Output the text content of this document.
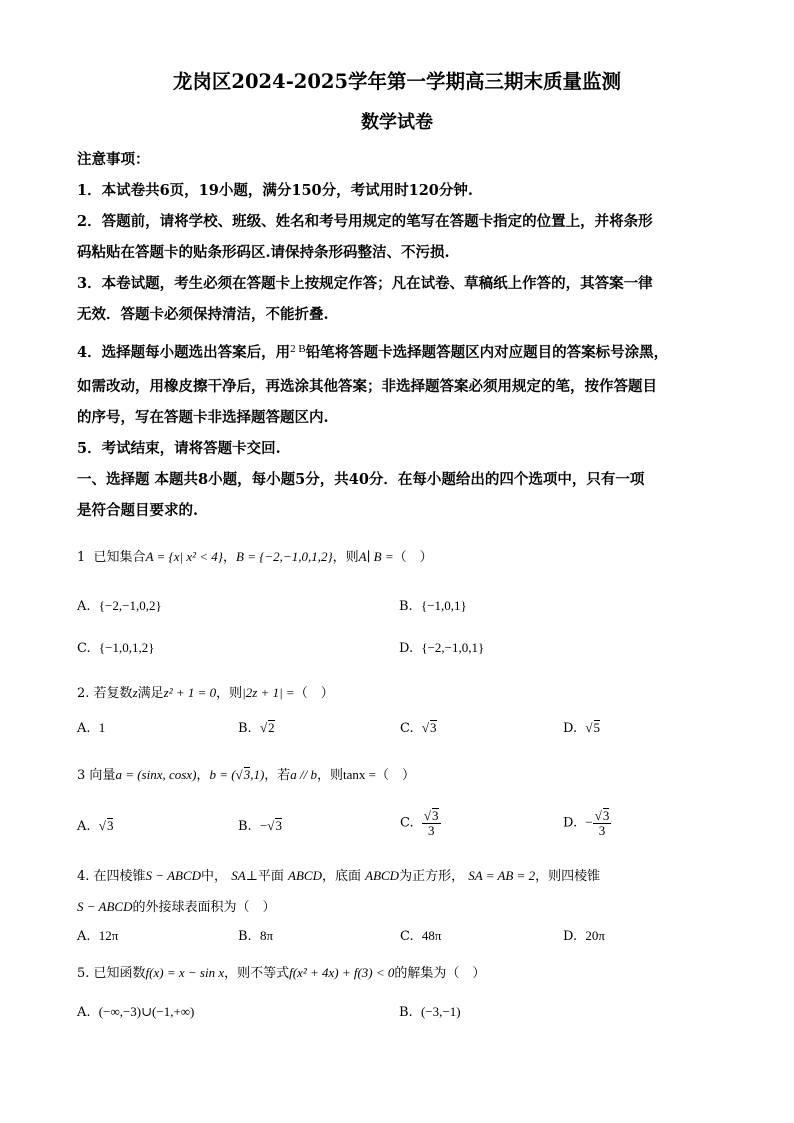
龙岗区2024-2025学年第一学期高三期末质量监测
数学试卷
注意事项：
1．本试卷共6页，19小题，满分150分，考试用时120分钟.
2．答题前，请将学校、班级、姓名和考号用规定的笔写在答题卡指定的位置上，并将条形
码粘贴在答题卡的贴条形码区.请保持条形码整洁、不污损.
3．本卷试题，考生必须在答题卡上按规定作答；凡在试卷、草稿纸上作答的，其答案一律
无效．答题卡必须保持清洁，不能折叠.
4．选择题每小题选出答案后，用$^{2 B}$铅笔将答题卡选择题答题区内对应题目的答案标号涂黑，
如需改动，用橡皮擦干净后，再选涂其他答案；非选择题答案必须用规定的笔，按作答题目
的序号，写在答题卡非选择题答题区内.
5．考试结束，请将答题卡交回.
一、选择题 本题共8小题，每小题5分，共40分．在每小题给出的四个选项中，只有一项
是符合题目要求的.
1 已知集合A = {x| x² < 4}，B = {−2,−1,0,1,2}，则A∣ B =（　）
A. {−2,−1,0,2}	B. {−1,0,1}
C. {−1,0,1,2}	D. {−2,−1,0,1}
2. 若复数z满足z² + 1 = 0，则|2z + 1| =（　）
A. 1	B. √2	C. √3	D. √5
3 向量a = (sinx, cosx)，b = (√3,1)，若a // b，则tanx =（　）
A. √3	B. −√3	C. $\frac{√3}{3}$	D. − $\frac{√3}{3}$
4. 在四棱锥S − ABCD中， SA⊥平面 ABCD，底面 ABCD为正方形， SA = AB = 2，则四棱锥
S − ABCD的外接球表面积为（　）
A. 12π	B. 8π	C. 48π	D. 20π
5. 已知函数f(x) = x − sin x，则不等式f(x² + 4x) + f(3) < 0的解集为（　）
A. (−∞,−3)∪(−1,+∞)	B. (−3,−1)
